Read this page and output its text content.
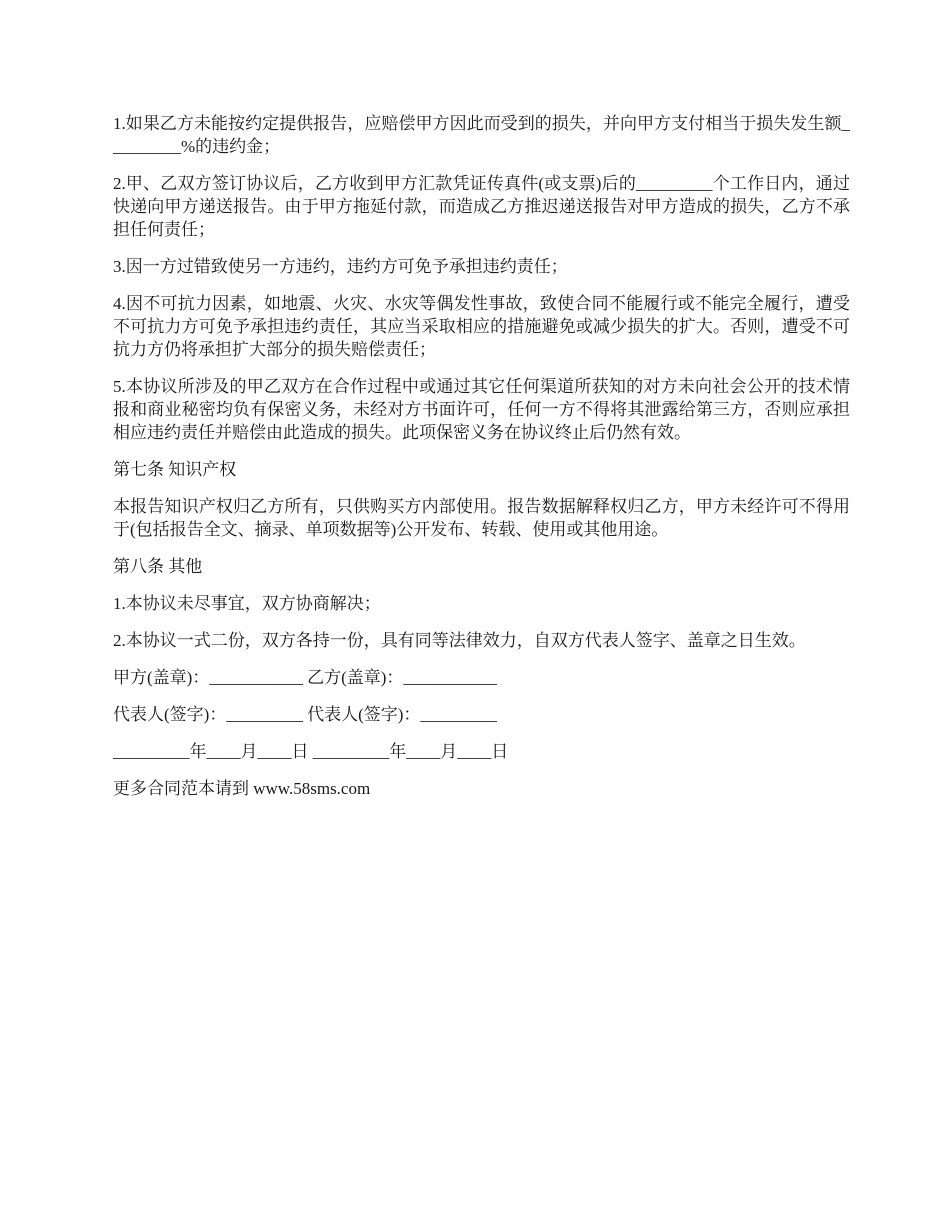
1.如果乙方未能按约定提供报告，应赔偿甲方因此而受到的损失，并向甲方支付相当于损失发生额_________%的违约金；

2.甲、乙双方签订协议后，乙方收到甲方汇款凭证传真件(或支票)后的_________个工作日内，通过快递向甲方递送报告。由于甲方拖延付款，而造成乙方推迟递送报告对甲方造成的损失，乙方不承担任何责任；

3.因一方过错致使另一方违约，违约方可免予承担违约责任；

4.因不可抗力因素，如地震、火灾、水灾等偶发性事故，致使合同不能履行或不能完全履行，遭受不可抗力方可免予承担违约责任，其应当采取相应的措施避免或减少损失的扩大。否则，遭受不可抗力方仍将承担扩大部分的损失赔偿责任；

5.本协议所涉及的甲乙双方在合作过程中或通过其它任何渠道所获知的对方未向社会公开的技术情报和商业秘密均负有保密义务，未经对方书面许可，任何一方不得将其泄露给第三方，否则应承担相应违约责任并赔偿由此造成的损失。此项保密义务在协议终止后仍然有效。

第七条 知识产权

本报告知识产权归乙方所有，只供购买方内部使用。报告数据解释权归乙方，甲方未经许可不得用于(包括报告全文、摘录、单项数据等)公开发布、转载、使用或其他用途。

第八条 其他

1.本协议未尽事宜，双方协商解决；

2.本协议一式二份，双方各持一份，具有同等法律效力，自双方代表人签字、盖章之日生效。

甲方(盖章)：___________ 乙方(盖章)：___________

代表人(签字)：_________ 代表人(签字)：_________

_________年____月____日 _________年____月____日

更多合同范本请到 www.58sms.com
